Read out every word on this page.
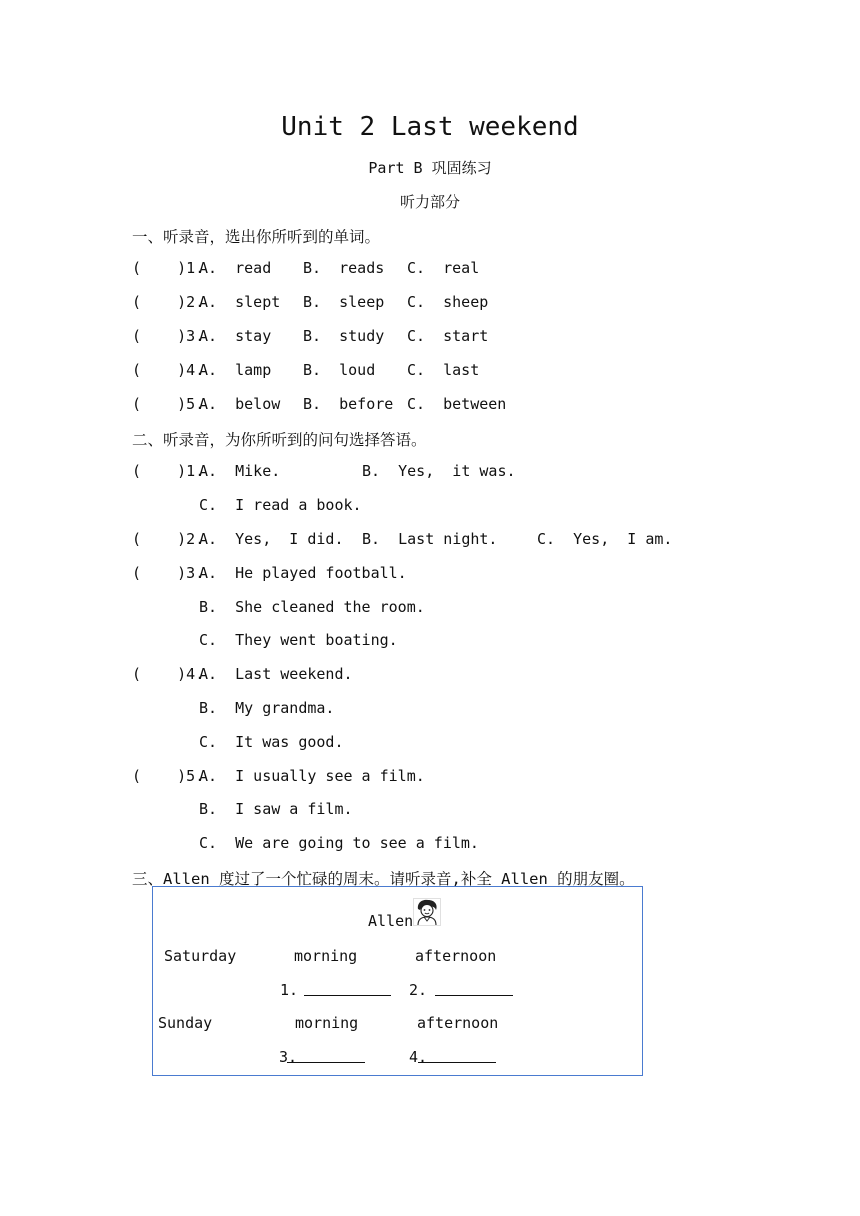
Unit 2 Last weekend
Part B 巩固练习
听力部分
一、听录音，选出你所听到的单词。
(    )1.
A.  read B.  reads C.  real
(    )2.
A.  slept B.  sleep C.  sheep
(    )3.
A.  stay B.  study C.  start
(    )4.
A.  lamp B.  loud C.  last
(    )5.
A.  below B.  before C.  between
二、听录音，为你所听到的问句选择答语。
(    )1.
A.  Mike.	B.  Yes,  it was.
C.  I read a book.
(    )2.
A.  Yes,  I did. B.  Last night.	C.  Yes,  I am.
(    )3.
A.  He played football.
B.  She cleaned the room.
C.  They went boating.
(    )4.
A.  Last weekend.
B.  My grandma.
C.  It was good.
(    )5.
A.  I usually see a film.
B.  I saw a film.
C.  We are going to see a film.
三、Allen 度过了一个忙碌的周末。请听录音,补全 Allen 的朋友圈。
Allen
Saturday	morning	afternoon
1.	2.
Sunday	morning	afternoon
3.	4.
